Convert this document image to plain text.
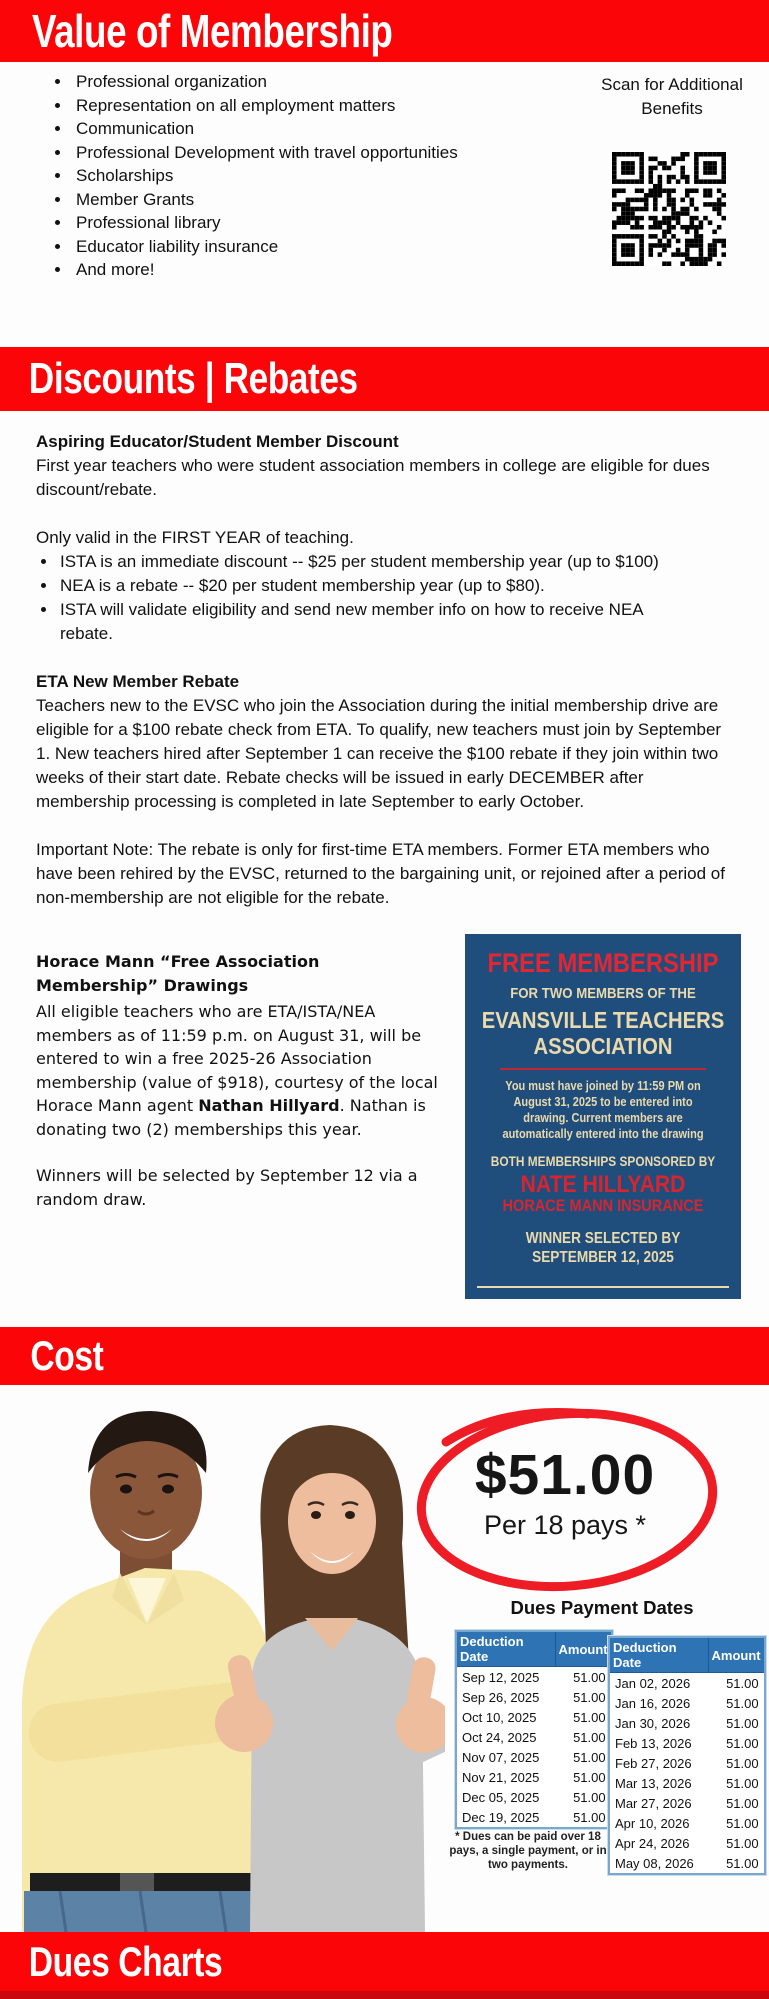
Value of Membership
• Professional organization
• Representation on all employment matters
• Communication
• Professional Development with travel opportunities
• Scholarships
• Member Grants
• Professional library
• Educator liability insurance
• And more!
Scan for Additional Benefits
Discounts | Rebates

Aspiring Educator/Student Member Discount

First year teachers who were student association members in college are eligible for dues discount/rebate.

Only valid in the FIRST YEAR of teaching.

• ISTA is an immediate discount -- $25 per student membership year (up to $100)
• NEA is a rebate -- $20 per student membership year (up to $80).
• ISTA will validate eligibility and send new member info on how to receive NEA rebate.

ETA New Member Rebate

Teachers new to the EVSC who join the Association during the initial membership drive are eligible for a $100 rebate check from ETA. To qualify, new teachers must join by September 1. New teachers hired after September 1 can receive the $100 rebate if they join within two weeks of their start date. Rebate checks will be issued in early DECEMBER after membership processing is completed in late September to early October.

Important Note: The rebate is only for first-time ETA members. Former ETA members who have been rehired by the EVSC, returned to the bargaining unit, or rejoined after a period of non-membership are not eligible for the rebate.

Horace Mann “Free Association Membership” Drawings

All eligible teachers who are ETA/ISTA/NEA members as of 11:59 p.m. on August 31, will be entered to win a free 2025-26 Association membership (value of $918), courtesy of the local Horace Mann agent Nathan Hillyard. Nathan is donating two (2) memberships this year.

Winners will be selected by September 12 via a random draw.

FREE MEMBERSHIP
FOR TWO MEMBERS OF THE
EVANSVILLE TEACHERS
ASSOCIATION
You must have joined by 11:59 PM on August 31, 2025 to be entered into drawing. Current members are automatically entered into the drawing
BOTH MEMBERSHIPS SPONSORED BY
NATE HILLYARD
HORACE MANN INSURANCE
WINNER SELECTED BY
SEPTEMBER 12, 2025
Cost
$51.00
Per 18 pays *
Dues Payment Dates
Deduction Date	Amount
Sep 12, 2025	51.00
Sep 26, 2025	51.00
Oct 10, 2025	51.00
Oct 24, 2025	51.00
Nov 07, 2025	51.00
Nov 21, 2025	51.00
Dec 05, 2025	51.00
Dec 19, 2025	51.00
Deduction Date	Amount
Jan 02, 2026	51.00
Jan 16, 2026	51.00
Jan 30, 2026	51.00
Feb 13, 2026	51.00
Feb 27, 2026	51.00
Mar 13, 2026	51.00
Mar 27, 2026	51.00
Apr 10, 2026	51.00
Apr 24, 2026	51.00
May 08, 2026	51.00
* Dues can be paid over 18 pays, a single payment, or in two payments.
Dues Charts
